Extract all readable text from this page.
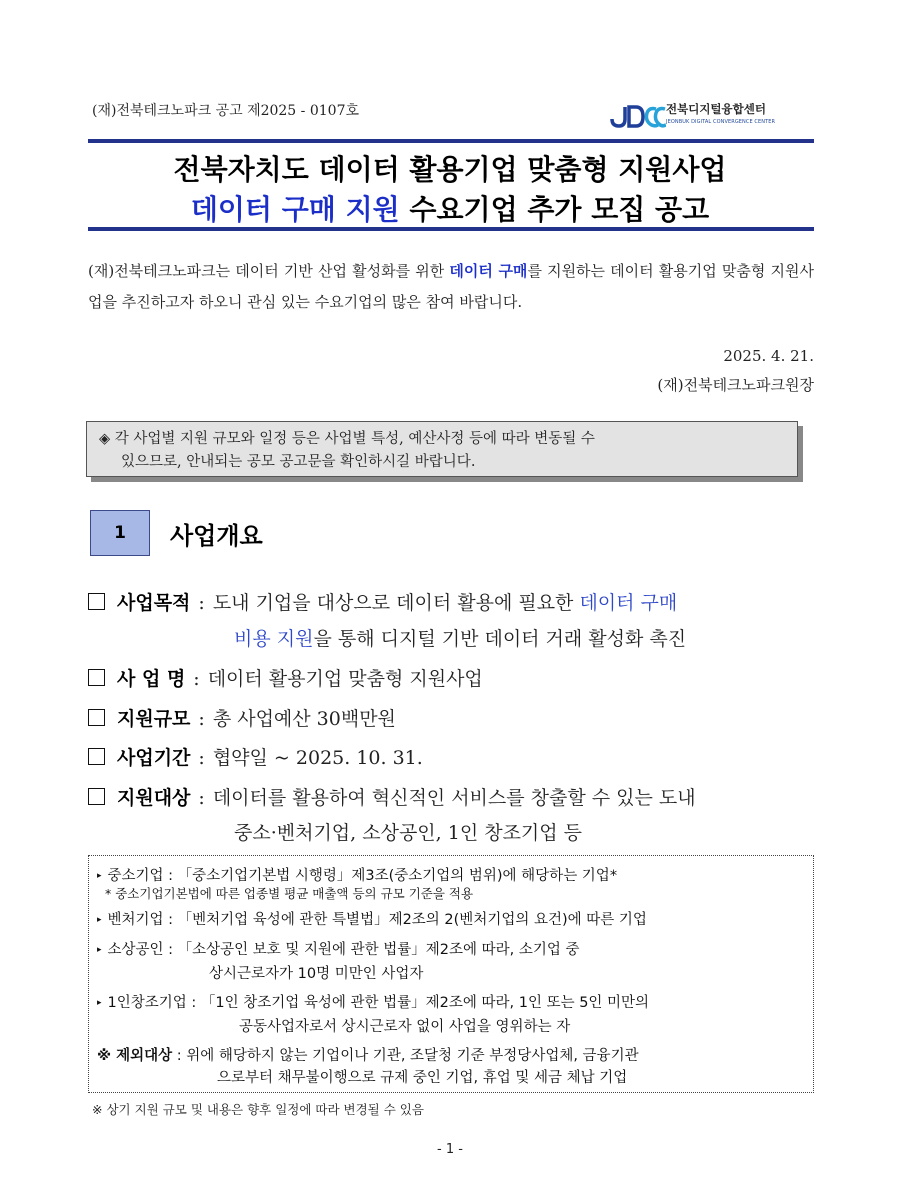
(재)전북테크노파크 공고 제2025 - 0107호	전북디지털융합센터
JEONBUK DIGITAL CONVERGENCE CENTER
전북자치도 데이터 활용기업 맞춤형 지원사업
데이터 구매 지원 수요기업 추가 모집 공고
(재)전북테크노파크는 데이터 기반 산업 활성화를 위한 데이터 구매를 지원하는 데이터 활용기업 맞춤형 지원사업을 추진하고자 하오니 관심 있는 수요기업의 많은 참여 바랍니다.
2025. 4. 21.
(재)전북테크노파크원장
◈ 각 사업별 지원 규모와 일정 등은 사업별 특성, 예산사정 등에 따라 변동될 수
있으므로, 안내되는 공모 공고문을 확인하시길 바랍니다.
1	사업개요
사업목적 : 도내 기업을 대상으로 데이터 활용에 필요한 데이터 구매
비용 지원을 통해 디지털 기반 데이터 거래 활성화 촉진
사 업 명 : 데이터 활용기업 맞춤형 지원사업
지원규모 : 총 사업예산 30백만원
사업기간 : 협약일 ~ 2025. 10. 31.
지원대상 : 데이터를 활용하여 혁신적인 서비스를 창출할 수 있는 도내
중소·벤처기업, 소상공인, 1인 창조기업 등
▸ 중소기업 : 「중소기업기본법 시행령」제3조(중소기업의 범위)에 해당하는 기업*
* 중소기업기본법에 따른 업종별 평균 매출액 등의 규모 기준을 적용
▸ 벤처기업 : 「벤처기업 육성에 관한 특별법」제2조의 2(벤처기업의 요건)에 따른 기업
▸ 소상공인 : 「소상공인 보호 및 지원에 관한 법률」제2조에 따라, 소기업 중
상시근로자가 10명 미만인 사업자
▸ 1인창조기업 : 「1인 창조기업 육성에 관한 법률」제2조에 따라, 1인 또는 5인 미만의
공동사업자로서 상시근로자 없이 사업을 영위하는 자
※ 제외대상 : 위에 해당하지 않는 기업이나 기관, 조달청 기준 부정당사업체, 금융기관
으로부터 채무불이행으로 규제 중인 기업, 휴업 및 세금 체납 기업
※ 상기 지원 규모 및 내용은 향후 일정에 따라 변경될 수 있음
- 1 -
